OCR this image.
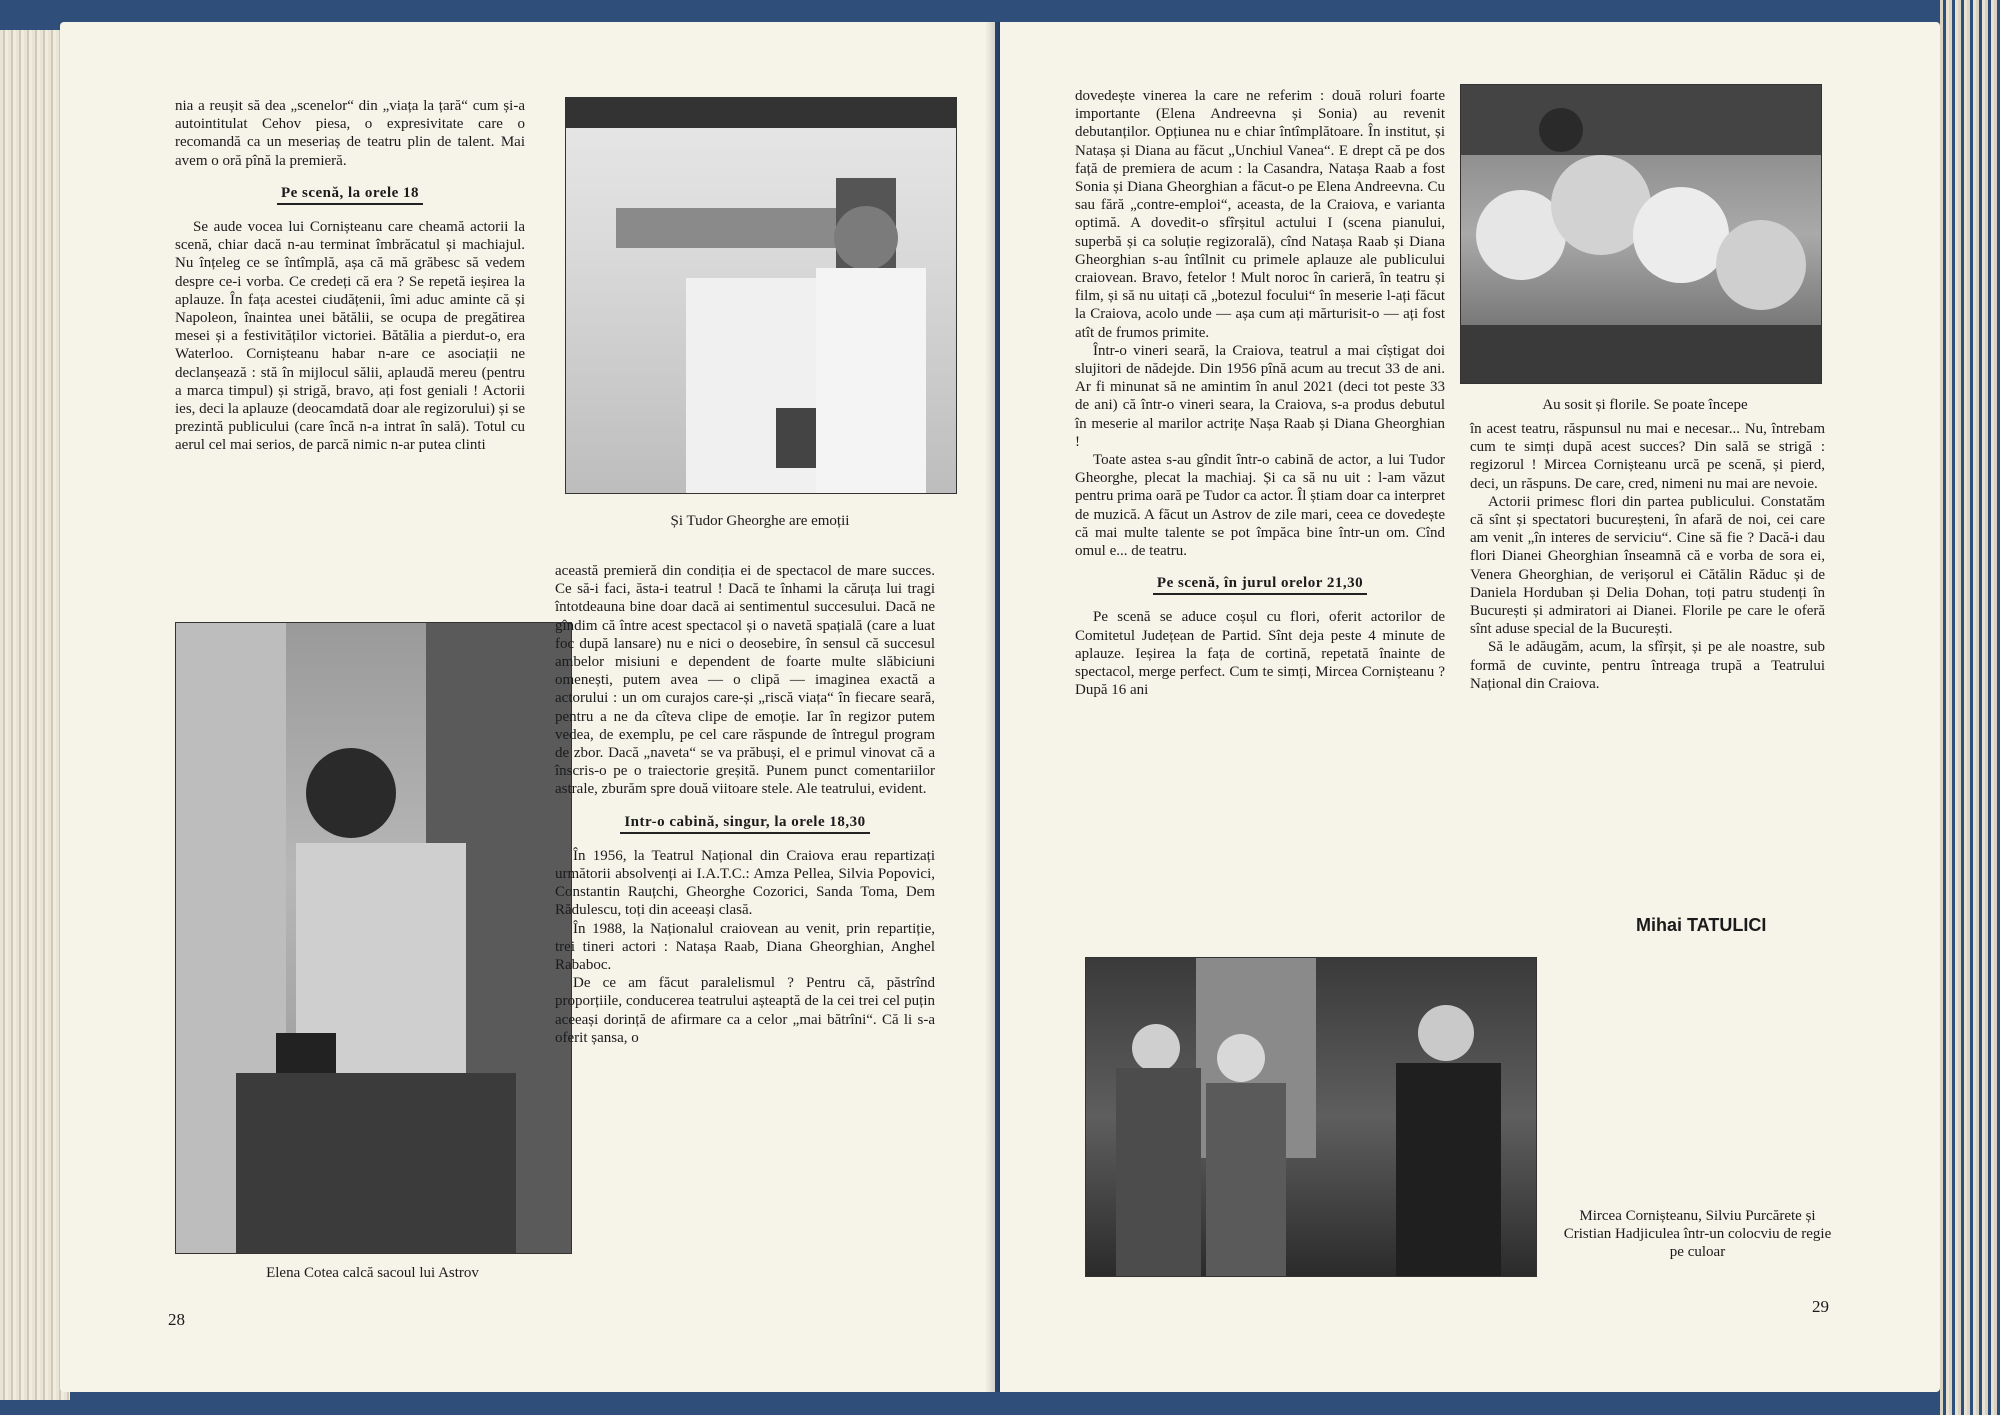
nia a reușit să dea „scenelor“ din „viața la țară“ cum și-a autointitulat Cehov piesa, o expresivitate care o recomandă ca un meseriaș de teatru plin de talent. Mai avem o oră pînă la premieră.

Pe scenă, la orele 18

Se aude vocea lui Cornișteanu care cheamă actorii la scenă, chiar dacă n-au terminat îmbrăcatul și machiajul. Nu înțeleg ce se întîmplă, așa că mă grăbesc să vedem despre ce-i vorba. Ce credeți că era ? Se repetă ieșirea la aplauze. În fața acestei ciudățenii, îmi aduc aminte că și Napoleon, înaintea unei bătălii, se ocupa de pregătirea mesei și a festivităților victoriei. Bătălia a pierdut-o, era Waterloo. Cornișteanu habar n-are ce asociații ne declanșează : stă în mijlocul sălii, aplaudă mereu (pentru a marca timpul) și strigă, bravo, ați fost geniali ! Actorii ies, deci la aplauze (deocamdată doar ale regizorului) și se prezintă publicului (care încă n-a intrat în sală). Totul cu aerul cel mai serios, de parcă nimic n-ar putea clinti

Și Tudor Gheorghe are emoții
Elena Cotea calcă sacoul lui Astrov

această premieră din condiția ei de spectacol de mare succes. Ce să-i faci, ăsta-i teatrul ! Dacă te înhami la căruța lui tragi întotdeauna bine doar dacă ai sentimentul succesului. Dacă ne gîndim că între acest spectacol și o navetă spațială (care a luat foc după lansare) nu e nici o deosebire, în sensul că succesul ambelor misiuni e dependent de foarte multe slăbiciuni omenești, putem avea — o clipă — imaginea exactă a actorului : un om curajos care-și „riscă viața“ în fiecare seară, pentru a ne da cîteva clipe de emoție. Iar în regizor putem vedea, de exemplu, pe cel care răspunde de întregul program de zbor. Dacă „naveta“ se va prăbuși, el e primul vinovat că a înscris-o pe o traiectorie greșită. Punem punct comentariilor astrale, zburăm spre două viitoare stele. Ale teatrului, evident.

Intr-o cabină, singur, la orele 18,30

În 1956, la Teatrul Național din Craiova erau repartizați următorii absolvenți ai I.A.T.C.: Amza Pellea, Silvia Popovici, Constantin Rauțchi, Gheorghe Cozorici, Sanda Toma, Dem Rădulescu, toți din aceeași clasă.

În 1988, la Naționalul craiovean au venit, prin repartiție, trei tineri actori : Natașa Raab, Diana Gheorghian, Anghel Rababoc.

De ce am făcut paralelismul ? Pentru că, păstrînd proporțiile, conducerea teatrului așteaptă de la cei trei cel puțin aceeași dorință de afirmare ca a celor „mai bătrîni“. Că li s-a oferit șansa, o

28

dovedește vinerea la care ne referim : două roluri foarte importante (Elena Andreevna și Sonia) au revenit debutanților. Opțiunea nu e chiar întîmplătoare. În institut, și Natașa și Diana au făcut „Unchiul Vanea“. E drept că pe dos față de premiera de acum : la Casandra, Natașa Raab a fost Sonia și Diana Gheorghian a făcut-o pe Elena Andreevna. Cu sau fără „contre-emploi“, aceasta, de la Craiova, e varianta optimă. A dovedit-o sfîrșitul actului I (scena pianului, superbă și ca soluție regizorală), cînd Natașa Raab și Diana Gheorghian s-au întîlnit cu primele aplauze ale publicului craiovean. Bravo, fetelor ! Mult noroc în carieră, în teatru și film, și să nu uitați că „botezul focului“ în meserie l-ați făcut la Craiova, acolo unde — așa cum ați mărturisit-o — ați fost atît de frumos primite.

Într-o vineri seară, la Craiova, teatrul a mai cîștigat doi slujitori de nădejde. Din 1956 pînă acum au trecut 33 de ani. Ar fi minunat să ne amintim în anul 2021 (deci tot peste 33 de ani) că într-o vineri seara, la Craiova, s-a produs debutul în meserie al marilor actrițe Nașa Raab și Diana Gheorghian !

Toate astea s-au gîndit într-o cabină de actor, a lui Tudor Gheorghe, plecat la machiaj. Și ca să nu uit : l-am văzut pentru prima oară pe Tudor ca actor. Îl știam doar ca interpret de muzică. A făcut un Astrov de zile mari, ceea ce dovedește că mai multe talente se pot împăca bine într-un om. Cînd omul e... de teatru.

Pe scenă, în jurul orelor 21,30

Pe scenă se aduce coșul cu flori, oferit actorilor de Comitetul Județean de Partid. Sînt deja peste 4 minute de aplauze. Ieșirea la fața de cortină, repetată înainte de spectacol, merge perfect. Cum te simți, Mircea Cornișteanu ? După 16 ani

Au sosit și florile. Se poate începe

în acest teatru, răspunsul nu mai e necesar... Nu, întrebam cum te simți după acest succes? Din sală se strigă : regizorul ! Mircea Cornișteanu urcă pe scenă, și pierd, deci, un răspuns. De care, cred, nimeni nu mai are nevoie.

Actorii primesc flori din partea publicului. Constatăm că sînt și spectatori bucureșteni, în afară de noi, cei care am venit „în interes de serviciu“. Cine să fie ? Dacă-i dau flori Dianei Gheorghian înseamnă că e vorba de sora ei, Venera Gheorghian, de verișorul ei Cătălin Răduc și de Daniela Horduban și Delia Dohan, toți patru studenți în București și admiratori ai Dianei. Florile pe care le oferă sînt aduse special de la București.

Să le adăugăm, acum, la sfîrșit, și pe ale noastre, sub formă de cuvinte, pentru întreaga trupă a Teatrului Național din Craiova.

Mihai TATULICI
Mircea Cornișteanu, Silviu Purcărete și Cristian Hadjiculea într-un colocviu de regie pe culoar
29
